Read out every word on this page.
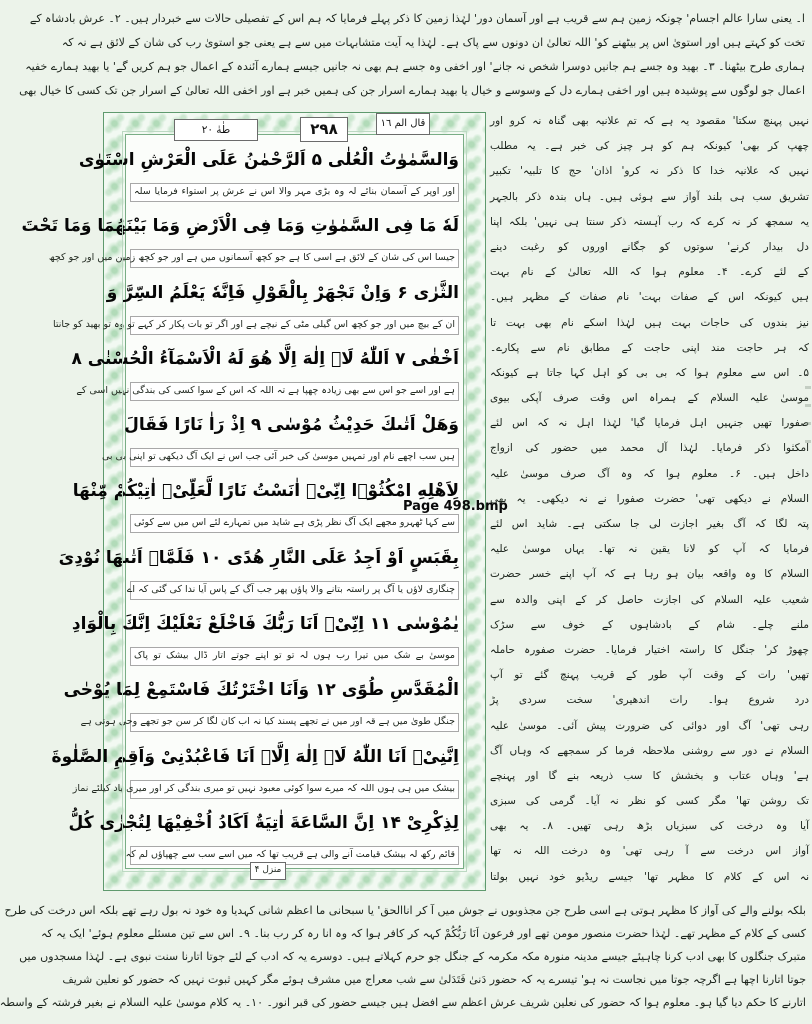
ا۔ یعنی سارا عالم اجسام' چونکہ زمین ہم سے قریب ہے اور آسمان دور' لہٰذا زمین کا ذکر پہلے فرمایا کہ ہم اس کے تفصیلی حالات سے خبردار ہیں۔ ۲۔ عرش بادشاہ کے
تخت کو کہتے ہیں اور استویٰ اس پر بیٹھنے کو' اللہ تعالیٰ ان دونوں سے پاک ہے۔ لہٰذا یہ آیت متشابہات میں سے ہے یعنی جو استویٰ رب کی شان کے لائق ہے نہ کہ
ہماری طرح بیٹھنا۔ ۳۔ بھید وہ جسے ہم جانیں دوسرا شخص نہ جانے' اور اخفی وہ جسے ہم بھی نہ جانیں جیسے ہمارے آئندہ کے اعمال جو ہم کریں گے' یا بھید ہمارے خفیہ
اعمال جو لوگوں سے پوشیدہ ہیں اور اخفی ہمارے دل کے وسوسے و خیال یا بھید ہمارے اسرار جن کی ہمیں خبر ہے اور اخفی اللہ تعالیٰ کے اسرار جن تک کسی کا خیال بھی
طٰهٰ ۲۰	۲۹۸	قال الم ١٦
وَالسَّمٰوٰتُ الْعُلٰى ۵ اَلرَّحْمٰنُ عَلَى الْعَرْشِ اسْتَوٰى
اور اوپر کے آسمان بنائے لہ وہ بڑی مہر والا اس نے عرش پر استواء فرمایا سلہ
لَهٗ مَا فِى السَّمٰوٰتِ وَمَا فِى الْاَرْضِ وَمَا بَيْنَهُمَا وَمَا تَحْتَ
جیسا اس کی شان کے لائق ہے اسی کا ہے جو کچھ آسمانوں میں ہے اور جو کچھ زمین میں اور جو کچھ
الثَّرٰى ۶ وَاِنْ تَجْهَرْ بِالْقَوْلِ فَاِنَّهٗ يَعْلَمُ السِّرَّ وَ
ان کے بیچ میں اور جو کچھ اس گیلی مٹی کے نیچے ہے اور اگر تو بات پکار کر کہے تو وہ تو بھید کو جانتا
اَخْفٰى ۷ اَللّٰهُ لَاۤ اِلٰهَ اِلَّا هُوَ لَهُ الْاَسْمَآءُ الْحُسْنٰى ۸
ہے اور اسے جو اس سے بھی زیادہ چھپا ہے تہ اللہ کہ اس کے سوا کسی کی بندگی نہیں اسی کے
وَهَلْ اَتٰىكَ حَدِيْثُ مُوْسٰى ۹ اِذْ رَاٰ نَارًا فَقَالَ
ہیں سب اچھے نام اور تمہیں موسیٰ کی خبر آئی جب اس نے ایک آگ دیکھی تو اپنی بی بی
لِاَهْلِهِ امْكُثُوْۤا اِنِّىْۤ اٰنَسْتُ نَارًا لَّعَلِّىْۤ اٰتِيْكُمْ مِّنْهَا
سے کہا ٹھہرو مجھے ایک آگ نظر پڑی ہے شاید میں تمہارے لئے اس میں سے کوئی
بِقَبَسٍ اَوْ اَجِدُ عَلَى النَّارِ هُدًى ۱۰ فَلَمَّاۤ اَتٰىهَا نُوْدِىَ
چنگاری لاؤں یا آگ پر راستہ بتانے والا پاؤں پھر جب آگ کے پاس آیا ندا کی گئی کہ اے
يٰمُوْسٰى ۱۱ اِنِّىْۤ اَنَا رَبُّكَ فَاخْلَعْ نَعْلَيْكَ اِنَّكَ بِالْوَادِ
موسیٰ بے شک میں تیرا رب ہوں لہ تو تو اپنے جوتے اتار ڈال بیشک تو پاک
الْمُقَدَّسِ طُوًى ۱۲ وَاَنَا اخْتَرْتُكَ فَاسْتَمِعْ لِمَا يُوْحٰى
جنگل طویٰ میں ہے قہ اور میں نے تجھے پسند کیا نہ اب کان لگا کر سن جو تجھے وحی ہوتی ہے
اِنَّنِىْۤ اَنَا اللّٰهُ لَاۤ اِلٰهَ اِلَّاۤ اَنَا فَاعْبُدْنِىْ وَاَقِمِ الصَّلٰوةَ
بیشک میں ہی ہوں اللہ کہ میرے سوا کوئی معبود نہیں تو میری بندگی کر اور میری یاد کیلئے نماز
لِذِكْرِىْ ۱۴ اِنَّ السَّاعَةَ اٰتِيَةٌ اَكَادُ اُخْفِيْهَا لِتُجْزٰى كُلُّ
قائم رکھ لہ بیشک قیامت آنے والی ہے قریب تھا کہ میں اسے سب سے چھپاؤں لم کہ
منزل ۴
نہیں پہنچ سکتا' مقصود یہ ہے کہ تم علانیہ بھی گناہ نہ کرو اور
چھپ کر بھی' کیونکہ ہم کو ہر چیز کی خبر ہے۔ یہ مطلب
نہیں کہ علانیہ خدا کا ذکر نہ کرو' اذان' حج کا تلبیہ' تکبیر
تشریق سب ہی بلند آواز سے ہوئی ہیں۔ ہاں بندہ ذکر بالجہر
یہ سمجھ کر نہ کرے کہ رب آہستہ ذکر سنتا ہی نہیں' بلکہ اپنا
دل بیدار کرنے' سوتوں کو جگانے اوروں کو رغبت دینے
کے لئے کرے۔ ۴۔ معلوم ہوا کہ اللہ تعالیٰ کے نام بہت
ہیں کیونکہ اس کے صفات بہت' نام صفات کے مظہر ہیں۔
نیز بندوں کی حاجات بہت ہیں لہٰذا اسکے نام بھی بہت تا
کہ ہر حاجت مند اپنی حاجت کے مطابق نام سے پکارے۔
۵۔ اس سے معلوم ہوا کہ بی بی کو اہل کہا جاتا ہے کیونکہ
موسیٰ علیہ السلام کے ہمراہ اس وقت صرف آپکی بیوی
صفورا تھیں جنہیں اہل فرمایا گیا' لہٰذا اہل نہ کہ اس لئے
امکثوا ذکر فرمایا۔ لہٰذا آل محمد میں حضور کی ازواج
داخل ہیں۔ ۶۔ معلوم ہوا کہ وہ آگ صرف موسیٰ علیہ
السلام نے دیکھی تھی' حضرت صفورا نے نہ دیکھی۔ یہ بھی
پتہ لگا کہ آگ بغیر اجازت لی جا سکتی ہے۔ شاید اس لئے
فرمایا کہ آپ کو لانا یقین نہ تھا۔ یہاں موسیٰ علیہ
السلام کا وہ واقعہ بیان ہو رہا ہے کہ آپ اپنے خسر حضرت
شعیب علیہ السلام کی اجازت حاصل کر کے اپنی والدہ سے
ملنے چلے۔ شام کے بادشاہوں کے خوف سے سڑک
چھوڑ کر' جنگل کا راستہ اختیار فرمایا۔ حضرت صفورہ حاملہ
تھیں' رات کے وقت آپ طور کے قریب پہنچ گئے تو آپ
درد شروع ہوا۔ رات اندھیری' سخت سردی پڑ
رہی تھی' آگ اور دوائی کی ضرورت پیش آئی۔ موسیٰ علیہ
السلام نے دور سے روشنی ملاحظہ فرما کر سمجھے کہ وہاں آگ
ہے' وہاں عتاب و بخشش کا سب ذریعہ بنے گا اور پہنچے
تک روشن تھا' مگر کسی کو نظر نہ آیا۔ گرمی کی سبزی
آیا وہ درخت کی سبزیاں بڑھ رہی تھیں۔ ۸۔ یہ بھی
آواز اس درخت سے آ رہی تھی' وہ درخت اللہ نہ تھا
نہ اس کے کلام کا مظہر تھا' جیسے ریڈیو خود نہیں بولتا
بلکہ بولنے والے کی آواز کا مظہر ہوتی ہے اسی طرح جن مجذوبوں نے جوش میں آ کر اناالحق' یا سبحانی ما اعظم شانی کہدیا وہ خود نہ بول رہے تھے بلکہ اس درخت کی طرح
کسی کے کلام کے مظہر تھے۔ لہٰذا حضرت منصور مومن تھے اور فرعون اَنَا رَبُّكُمْ کہہ کر کافر ہوا کہ وہ انا رہ کر رب بنا۔ ۹۔ اس سے تین مسئلے معلوم ہوئے' ایک یہ کہ
متبرک جنگلوں کا بھی ادب کرنا چاہیئے جیسے مدینہ منورہ مکہ مکرمہ کے جنگل جو حرم کہلاتے ہیں۔ دوسرے یہ کہ ادب کے لئے جوتا اتارنا سنت نبوی ہے۔ لہٰذا مسجدوں میں
جوتا اتارنا اچھا ہے اگرچہ جوتا میں نجاست نہ ہو' تیسرے یہ کہ حضور دَنیٰ فَتَدَلیٰ سے شب معراج میں مشرف ہوئے مگر کہیں ثبوت نہیں کہ حضور کو نعلین شریف
اتارنے کا حکم دیا گیا ہو۔ معلوم ہوا کہ حضور کی نعلین شریف عرش اعظم سے افضل ہیں جیسے حضور کی قبر انور۔ ۱۰۔ یہ کلام موسیٰ علیہ السلام نے بغیر فرشتہ کے واسطہ
Page 498.bmp
